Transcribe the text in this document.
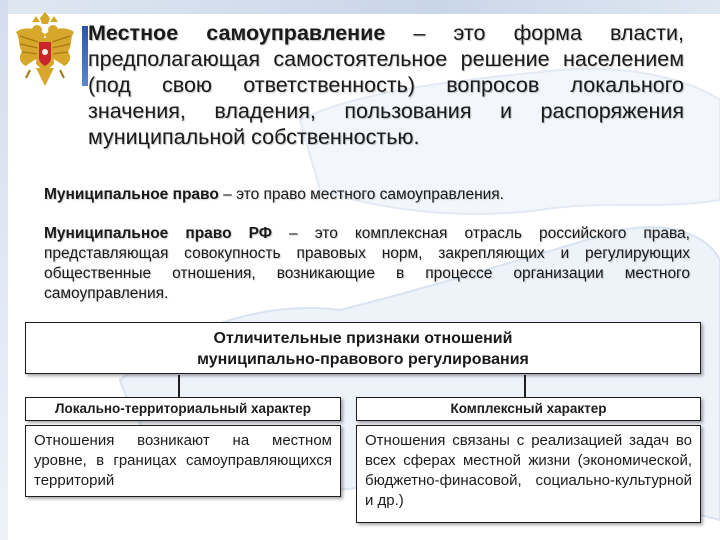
Местное самоуправление – это форма власти, предполагающая самостоятельное решение населением (под свою ответственность) вопросов локального значения, владения, пользования и распоряжения муниципальной собственностью.

Муниципальное право – это право местного самоуправления.

Муниципальное право РФ – это комплексная отрасль российского права, представляющая совокупность правовых норм, закрепляющих и регулирующих общественные отношения, возникающие в процессе организации местного самоуправления.

Отличительные признаки отношений
муниципально-правового регулирования
Локально-территориальный характер	Комплексный характер
Отношения возникают на местном уровне, в границах самоуправляющихся территорий
Отношения связаны с реализацией задач во всех сферах местной жизни (экономической, бюджетно-финасовой, социально-культурной и др.)
